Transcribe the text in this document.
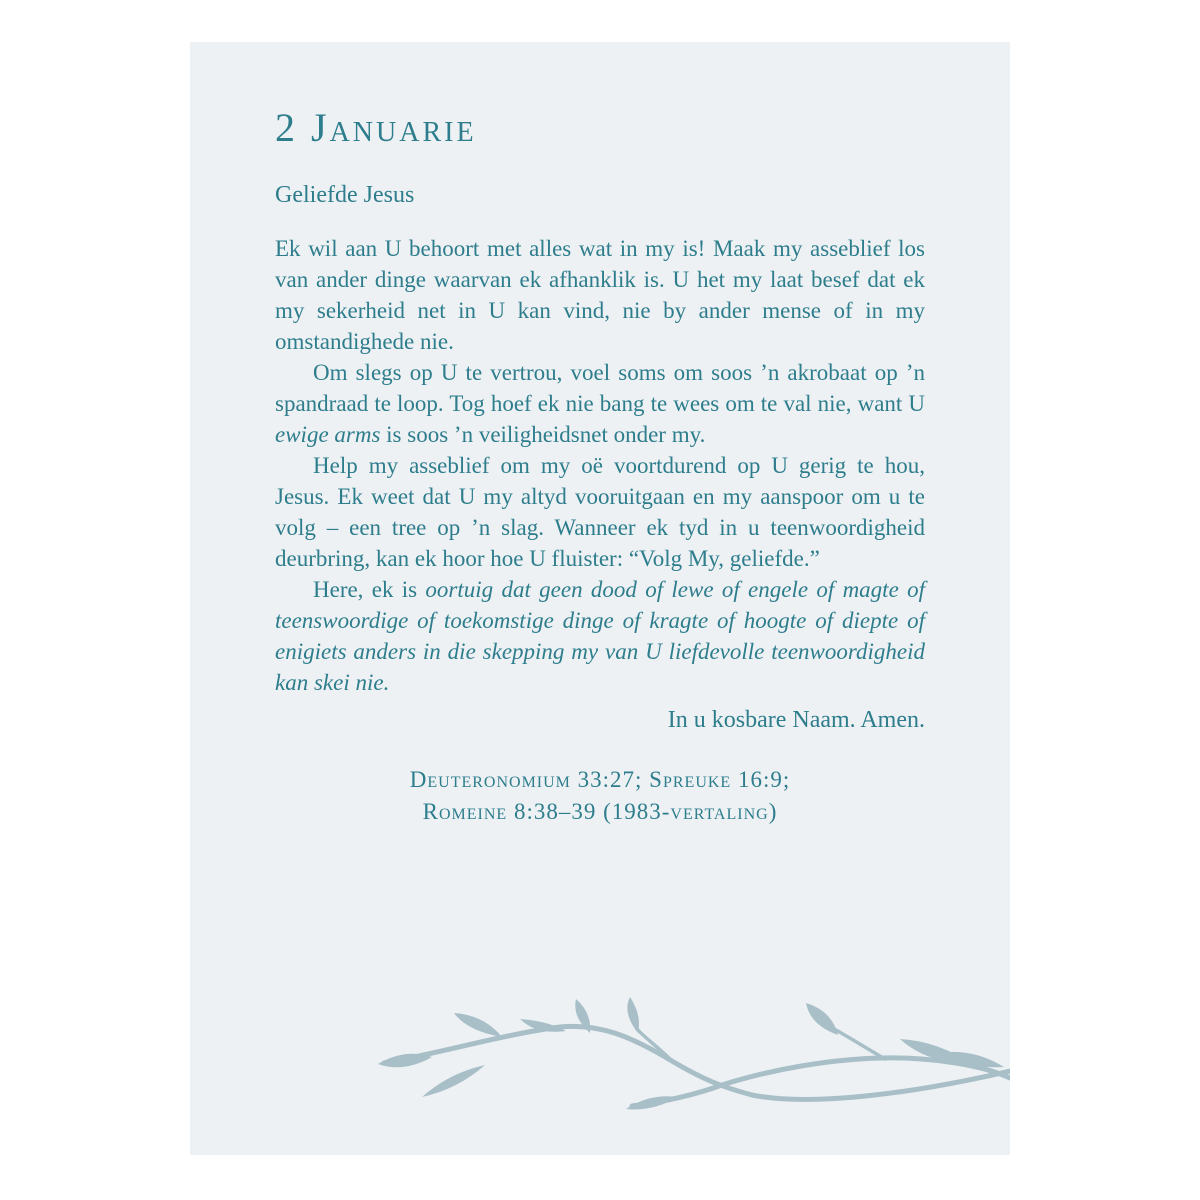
2 Januarie
Geliefde Jesus

Ek wil aan U behoort met alles wat in my is! Maak my asseblief los van ander dinge waarvan ek afhanklik is. U het my laat besef dat ek my sekerheid net in U kan vind, nie by ander mense of in my omstandighede nie.

Om slegs op U te vertrou, voel soms om soos ’n akrobaat op ’n spandraad te loop. Tog hoef ek nie bang te wees om te val nie, want U ewige arms is soos ’n veiligheidsnet onder my.

Help my asseblief om my oë voortdurend op U gerig te hou, Jesus. Ek weet dat U my altyd vooruitgaan en my aanspoor om u te volg – een tree op ’n slag. Wanneer ek tyd in u teenwoordigheid deurbring, kan ek hoor hoe U fluister: “Volg My, geliefde.”

Here, ek is oortuig dat geen dood of lewe of engele of magte of teenswoordige of toekomstige dinge of kragte of hoogte of diepte of enigiets anders in die skepping my van U liefdevolle teenwoordigheid kan skei nie.

In u kosbare Naam. Amen.
Deuteronomium 33:27; Spreuke 16:9;
Romeine 8:38–39 (1983-vertaling)
